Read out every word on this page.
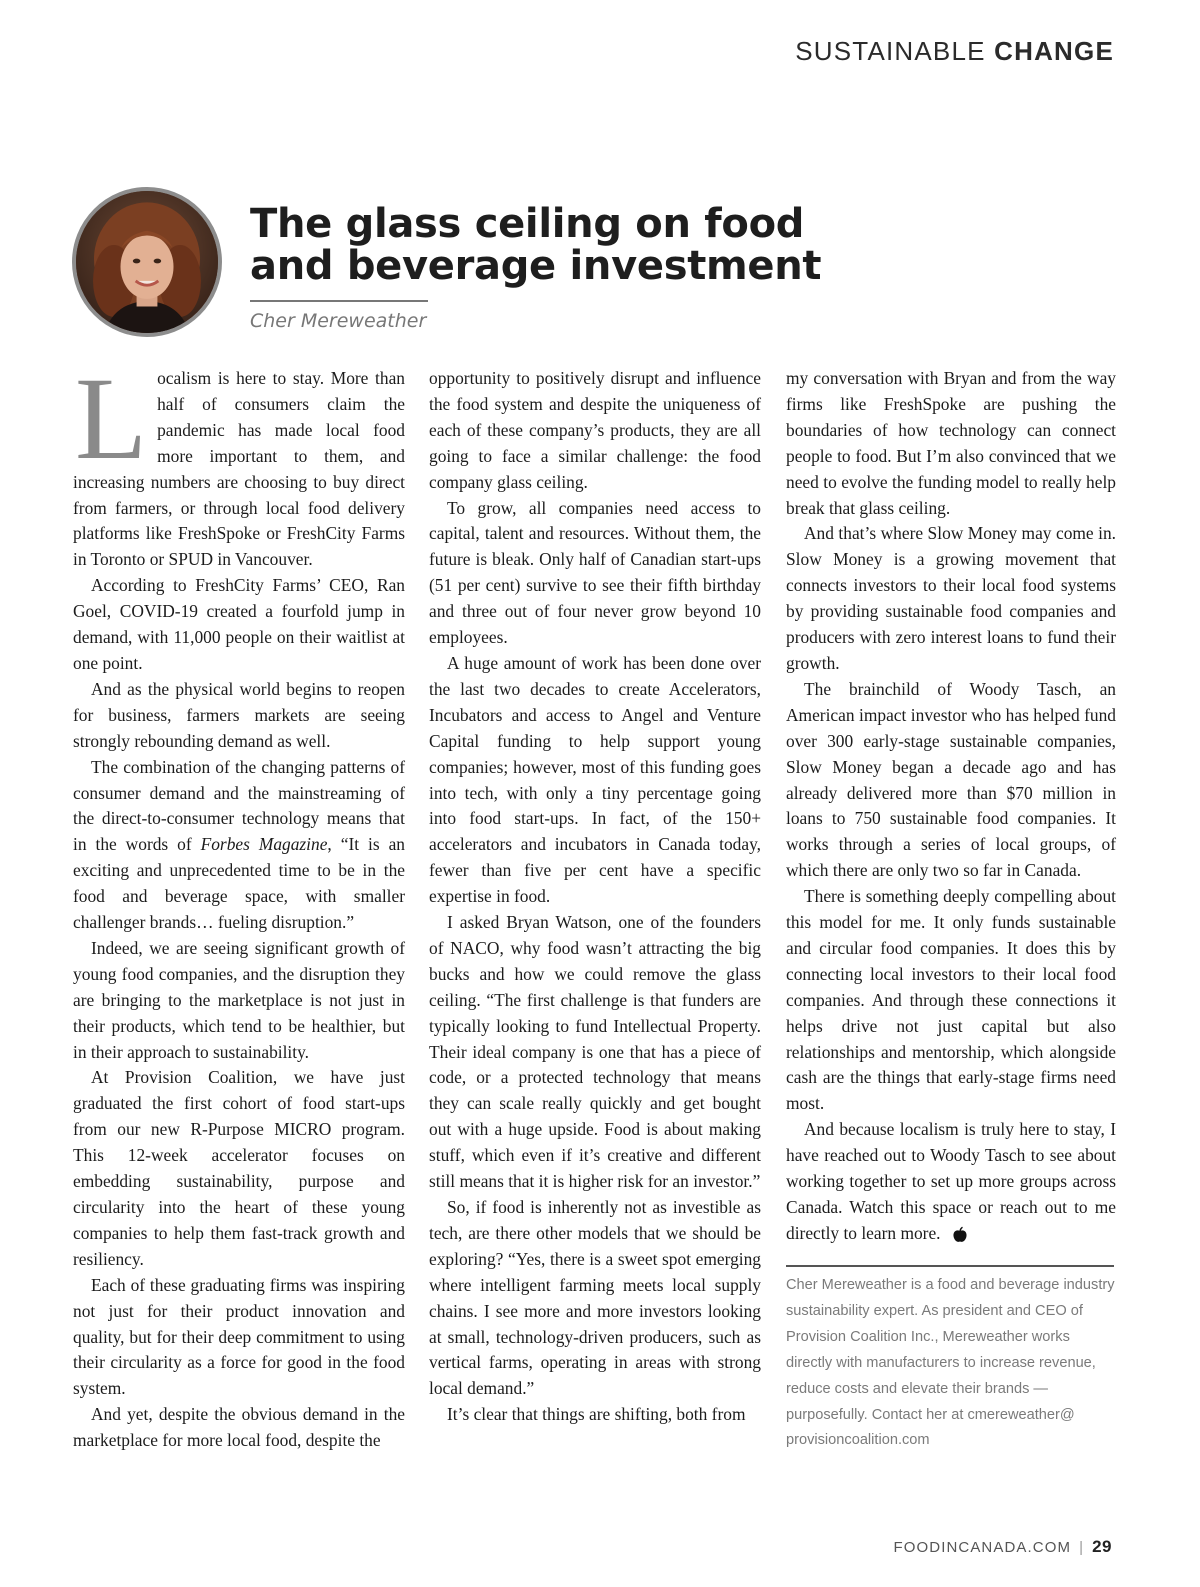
SUSTAINABLE CHANGE
The glass ceiling on food and beverage investment
Cher Mereweather
L ocalism is here to stay. More than half of consumers claim the pandemic has made local food more important to them, and increasing numbers are choosing to buy direct from farmers, or through local food delivery platforms like FreshSpoke or FreshCity Farms in Toronto or SPUD in Vancouver.

According to FreshCity Farms’ CEO, Ran Goel, COVID-19 created a fourfold jump in demand, with 11,000 people on their waitlist at one point.

And as the physical world begins to reopen for business, farmers markets are seeing strongly rebounding demand as well.

The combination of the changing patterns of consumer demand and the mainstreaming of the direct-to-consumer technology means that in the words of Forbes Magazine, “It is an exciting and unprecedented time to be in the food and beverage space, with smaller challenger brands… fueling disruption.”

Indeed, we are seeing significant growth of young food companies, and the disruption they are bringing to the marketplace is not just in their products, which tend to be healthier, but in their approach to sustainability.

At Provision Coalition, we have just graduated the first cohort of food start-ups from our new R-Purpose MICRO program. This 12-week accelerator focuses on embedding sustainability, purpose and circularity into the heart of these young companies to help them fast-track growth and resiliency.

Each of these graduating firms was inspiring not just for their product innovation and quality, but for their deep commitment to using their circularity as a force for good in the food system.

And yet, despite the obvious demand in the marketplace for more local food, despite the

opportunity to positively disrupt and influence the food system and despite the uniqueness of each of these company’s products, they are all going to face a similar challenge: the food company glass ceiling.

To grow, all companies need access to capital, talent and resources. Without them, the future is bleak. Only half of Canadian start-ups (51 per cent) survive to see their fifth birthday and three out of four never grow beyond 10 employees.

A huge amount of work has been done over the last two decades to create Accelerators, Incubators and access to Angel and Venture Capital funding to help support young companies; however, most of this funding goes into tech, with only a tiny percentage going into food start-ups. In fact, of the 150+ accelerators and incubators in Canada today, fewer than five per cent have a specific expertise in food.

I asked Bryan Watson, one of the founders of NACO, why food wasn’t attracting the big bucks and how we could remove the glass ceiling. “The first challenge is that funders are typically looking to fund Intellectual Property. Their ideal company is one that has a piece of code, or a protected technology that means they can scale really quickly and get bought out with a huge upside. Food is about making stuff, which even if it’s creative and different still means that it is higher risk for an investor.”

So, if food is inherently not as investible as tech, are there other models that we should be exploring? “Yes, there is a sweet spot emerging where intelligent farming meets local supply chains. I see more and more investors looking at small, technology-driven producers, such as vertical farms, operating in areas with strong local demand.”

It’s clear that things are shifting, both from

my conversation with Bryan and from the way firms like FreshSpoke are pushing the boundaries of how technology can connect people to food. But I’m also convinced that we need to evolve the funding model to really help break that glass ceiling.

And that’s where Slow Money may come in. Slow Money is a growing movement that connects investors to their local food systems by providing sustainable food companies and producers with zero interest loans to fund their growth.

The brainchild of Woody Tasch, an American impact investor who has helped fund over 300 early-stage sustainable companies, Slow Money began a decade ago and has already delivered more than $70 million in loans to 750 sustainable food companies. It works through a series of local groups, of which there are only two so far in Canada.

There is something deeply compelling about this model for me. It only funds sustainable and circular food companies. It does this by connecting local investors to their local food companies. And through these connections it helps drive not just capital but also relationships and mentorship, which alongside cash are the things that early-stage firms need most.

And because localism is truly here to stay, I have reached out to Woody Tasch to see about working together to set up more groups across Canada. Watch this space or reach out to me directly to learn more.

Cher Mereweather is a food and beverage industry sustainability expert. As president and CEO of Provision Coalition Inc., Mereweather works directly with manufacturers to increase revenue, reduce costs and elevate their brands — purposefully. Contact her at cmereweather@ provisioncoalition.com

FOODINCANADA.COM | 29
